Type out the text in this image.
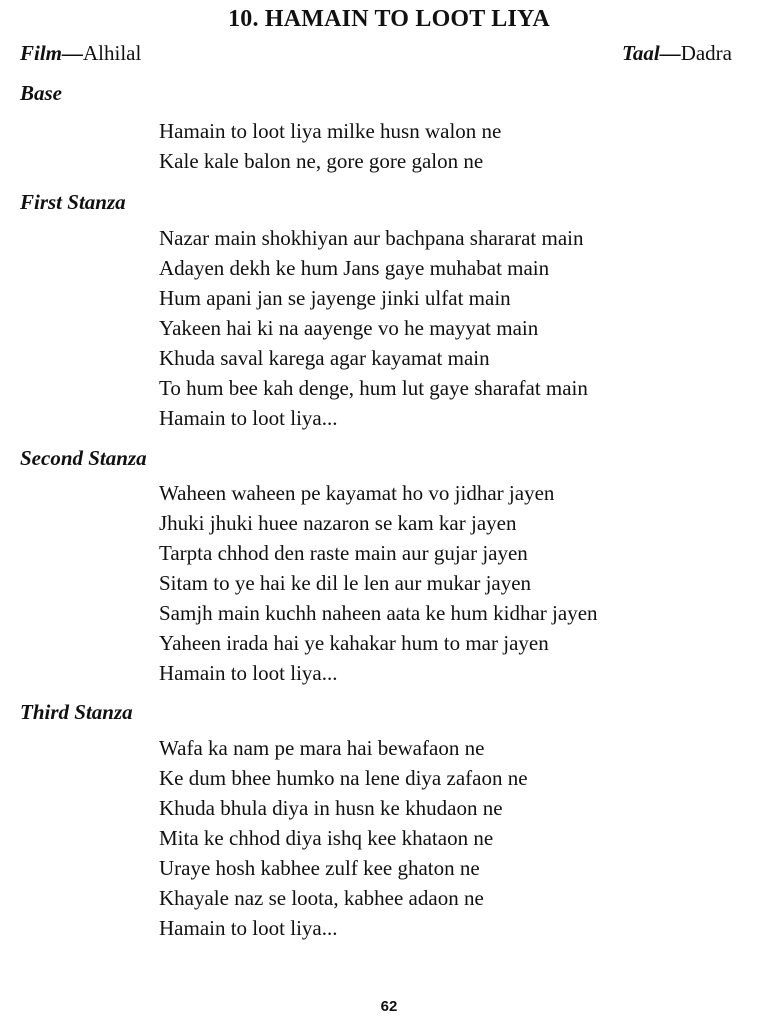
10. HAMAIN TO LOOT LIYA
Film—Alhilal	Taal—Dadra
Base
Hamain to loot liya milke husn walon ne
Kale kale balon ne, gore gore galon ne
First Stanza
Nazar main shokhiyan aur bachpana shararat main
Adayen dekh ke hum Jans gaye muhabat main
Hum apani jan se jayenge jinki ulfat main
Yakeen hai ki na aayenge vo he mayyat main
Khuda saval karega agar kayamat main
To hum bee kah denge, hum lut gaye sharafat main
Hamain to loot liya...
Second Stanza
Waheen waheen pe kayamat ho vo jidhar jayen
Jhuki jhuki huee nazaron se kam kar jayen
Tarpta chhod den raste main aur gujar jayen
Sitam to ye hai ke dil le len aur mukar jayen
Samjh main kuchh naheen aata ke hum kidhar jayen
Yaheen irada hai ye kahakar hum to mar jayen
Hamain to loot liya...
Third Stanza
Wafa ka nam pe mara hai bewafaon ne
Ke dum bhee humko na lene diya zafaon ne
Khuda bhula diya in husn ke khudaon ne
Mita ke chhod diya ishq kee khataon ne
Uraye hosh kabhee zulf kee ghaton ne
Khayale naz se loota, kabhee adaon ne
Hamain to loot liya...
62
